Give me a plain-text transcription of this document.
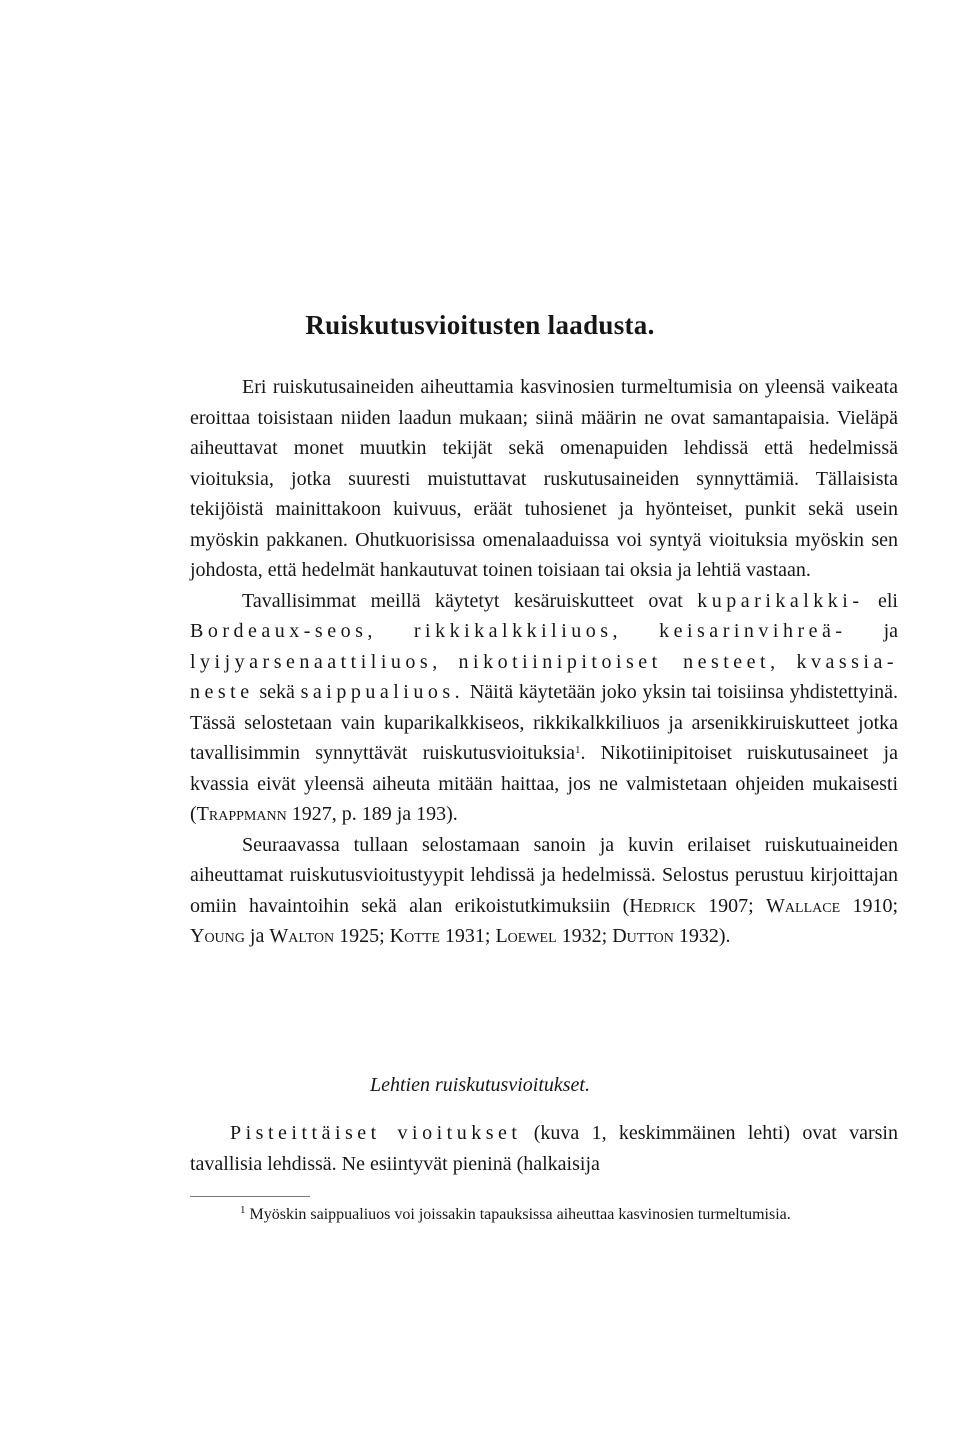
Ruiskutusvioitusten laadusta.

Eri ruiskutusaineiden aiheuttamia kasvinosien turmeltumisia on yleensä vaikeata eroittaa toisistaan niiden laadun mukaan; siinä määrin ne ovat samantapaisia. Vieläpä aiheuttavat monet muutkin tekijät sekä omenapuiden lehdissä että hedelmissä vioituksia, jotka suuresti muistuttavat ruskutusaineiden synnyttämiä. Tällaisista tekijöistä mainittakoon kuivuus, eräät tuhosienet ja hyönteiset, punkit sekä usein myöskin pakkanen. Ohutkuorisissa omenalaaduissa voi syntyä vioituksia myöskin sen johdosta, että hedelmät hankautuvat toinen toisiaan tai oksia ja lehtiä vastaan.

Tavallisimmat meillä käytetyt kesäruiskutteet ovat kuparikalkki- eli Bordeaux-seos, rikkikalkkiliuos, keisarinvihreä- ja lyijyarsenaattiliuos, nikotiinipitoiset nesteet, kvassia-neste sekä saippualiuos. Näitä käytetään joko yksin tai toisiinsa yhdistettyinä. Tässä selostetaan vain kuparikalkkiseos, rikkikalkkiliuos ja arsenikkiruiskutteet jotka tavallisimmin synnyttävät ruiskutusvioituksia$^1$. Nikotiinipitoiset ruiskutusaineet ja kvassia eivät yleensä aiheuta mitään haittaa, jos ne valmistetaan ohjeiden mukaisesti (Trappmann 1927, p. 189 ja 193).

Seuraavassa tullaan selostamaan sanoin ja kuvin erilaiset ruiskutuaineiden aiheuttamat ruiskutusvioitustyypit lehdissä ja hedelmissä. Selostus perustuu kirjoittajan omiin havaintoihin sekä alan erikoistutkimuksiin (Hedrick 1907; Wallace 1910; Young ja Walton 1925; Kotte 1931; Loewel 1932; Dutton 1932).

Lehtien ruiskutusvioitukset.

Pisteittäiset vioitukset (kuva 1, keskimmäinen lehti) ovat varsin tavallisia lehdissä. Ne esiintyvät pieninä (halkaisija

$^1$ Myöskin saippualiuos voi joissakin tapauksissa aiheuttaa kasvinosien turmeltumisia.
